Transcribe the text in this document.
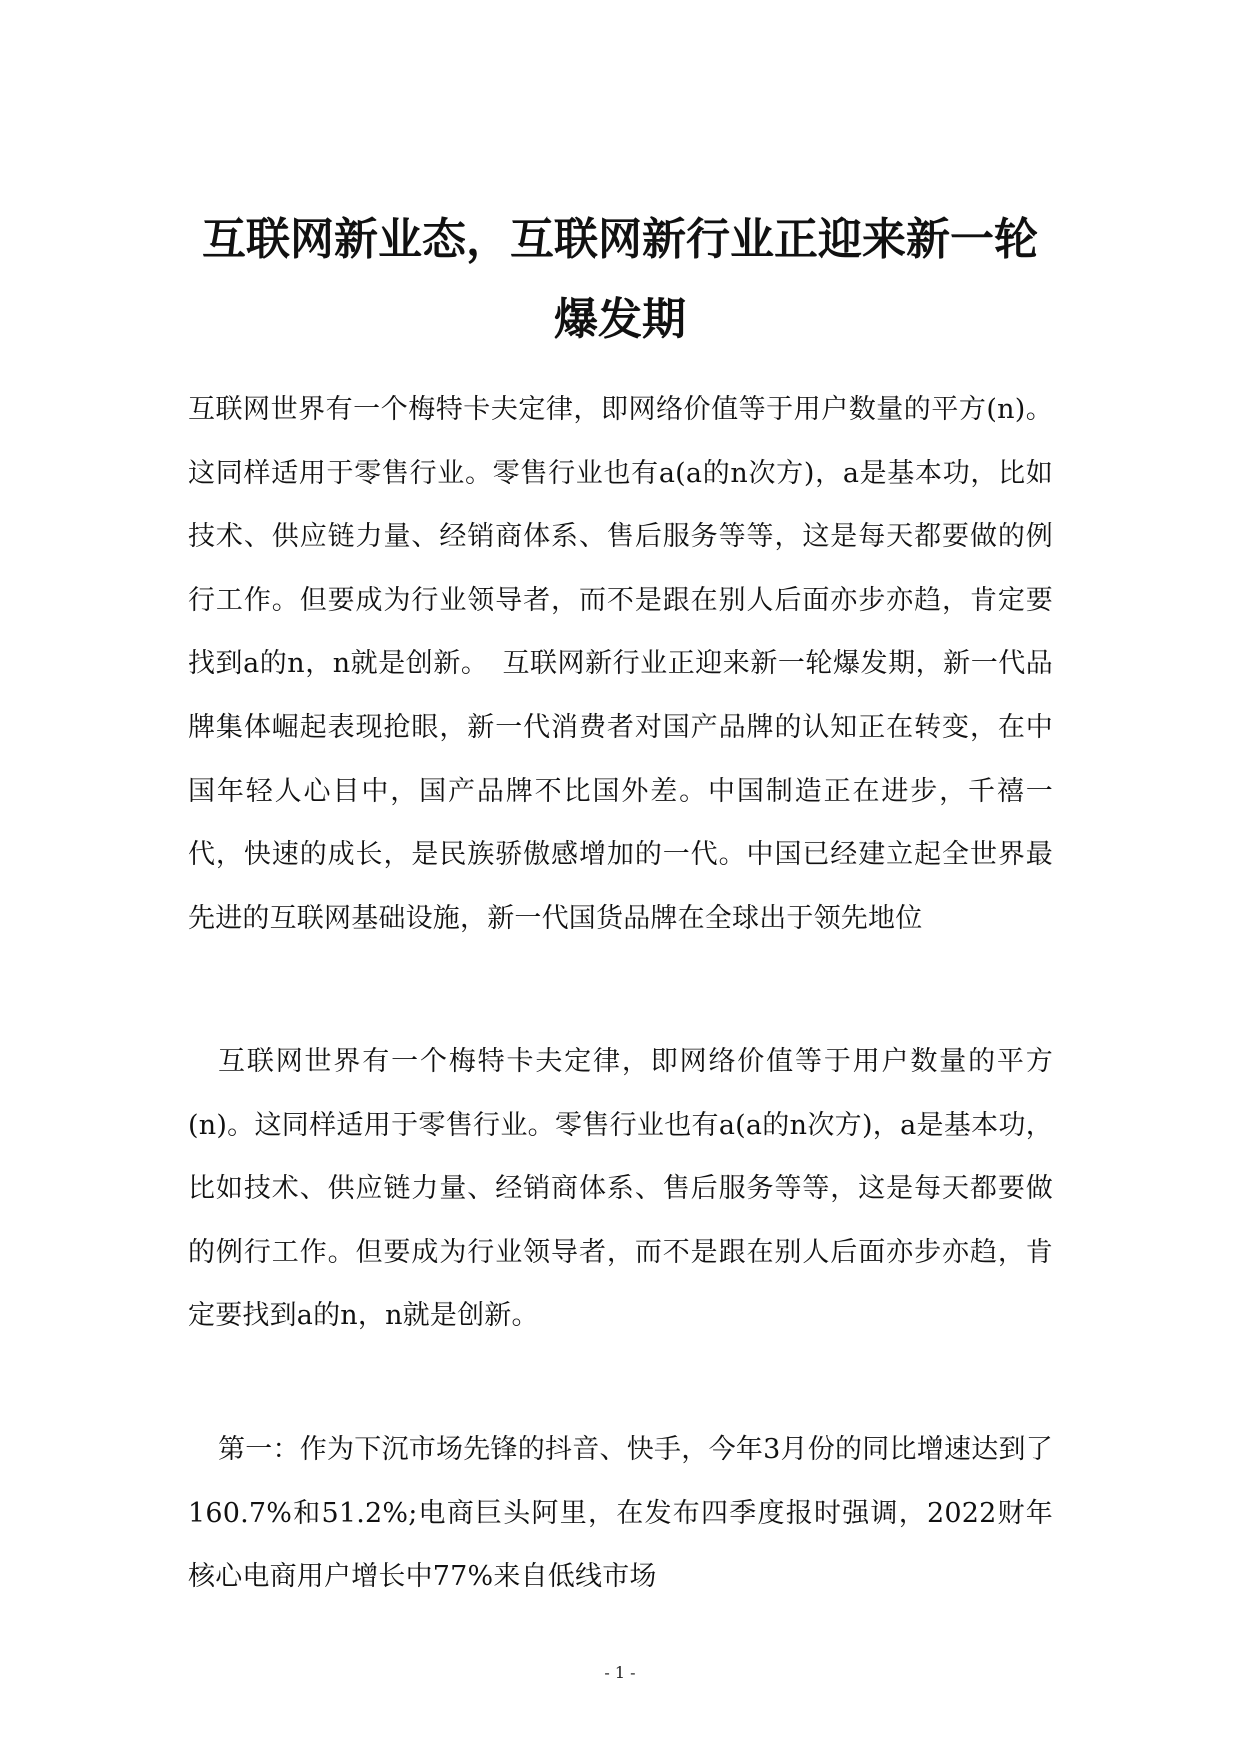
互联网新业态，互联网新行业正迎来新一轮爆发期

互联网世界有一个梅特卡夫定律，即网络价值等于用户数量的平方(n)。这同样适用于零售行业。零售行业也有a(a的n次方)，a是基本功，比如技术、供应链力量、经销商体系、售后服务等等，这是每天都要做的例行工作。但要成为行业领导者，而不是跟在别人后面亦步亦趋，肯定要找到a的n，n就是创新。　互联网新行业正迎来新一轮爆发期，新一代品牌集体崛起表现抢眼，新一代消费者对国产品牌的认知正在转变，在中国年轻人心目中，国产品牌不比国外差。中国制造正在进步，千禧一代，快速的成长，是民族骄傲感增加的一代。中国已经建立起全世界最先进的互联网基础设施，新一代国货品牌在全球出于领先地位

互联网世界有一个梅特卡夫定律，即网络价值等于用户数量的平方(n)。这同样适用于零售行业。零售行业也有a(a的n次方)，a是基本功，比如技术、供应链力量、经销商体系、售后服务等等，这是每天都要做的例行工作。但要成为行业领导者，而不是跟在别人后面亦步亦趋，肯定要找到a的n，n就是创新。

第一：作为下沉市场先锋的抖音、快手，今年3月份的同比增速达到了160.7%和51.2%;电商巨头阿里，在发布四季度报时强调，2022财年核心电商用户增长中77%来自低线市场

- 1 -
